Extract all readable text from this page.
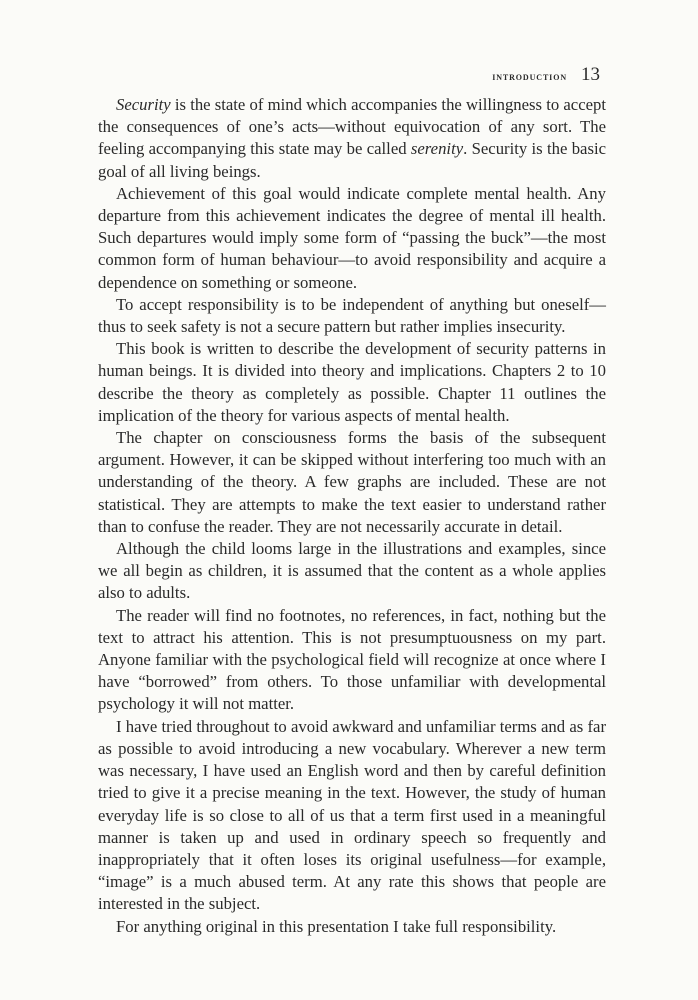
introduction 13

Security is the state of mind which accompanies the willingness to accept the consequences of one’s acts—without equivocation of any sort. The feeling accompanying this state may be called serenity. Security is the basic goal of all living beings.

Achievement of this goal would indicate complete mental health. Any departure from this achievement indicates the degree of mental ill health. Such departures would imply some form of “passing the buck”—the most common form of human behaviour—to avoid responsibility and acquire a dependence on something or someone.

To accept responsibility is to be independent of anything but oneself—thus to seek safety is not a secure pattern but rather implies insecurity.

This book is written to describe the development of security patterns in human beings. It is divided into theory and implications. Chapters 2 to 10 describe the theory as completely as possible. Chapter 11 outlines the implication of the theory for various aspects of mental health.

The chapter on consciousness forms the basis of the subsequent argument. However, it can be skipped without interfering too much with an understanding of the theory. A few graphs are included. These are not statistical. They are attempts to make the text easier to understand rather than to confuse the reader. They are not necessarily accurate in detail.

Although the child looms large in the illustrations and examples, since we all begin as children, it is assumed that the content as a whole applies also to adults.

The reader will find no footnotes, no references, in fact, nothing but the text to attract his attention. This is not presumptuousness on my part. Anyone familiar with the psychological field will recognize at once where I have “borrowed” from others. To those unfamiliar with developmental psychology it will not matter.

I have tried throughout to avoid awkward and unfamiliar terms and as far as possible to avoid introducing a new vocabulary. Wherever a new term was necessary, I have used an English word and then by careful definition tried to give it a precise meaning in the text. However, the study of human everyday life is so close to all of us that a term first used in a meaningful manner is taken up and used in ordinary speech so frequently and inappropriately that it often loses its original usefulness—for example, “image” is a much abused term. At any rate this shows that people are interested in the subject.

For anything original in this presentation I take full responsibility.
